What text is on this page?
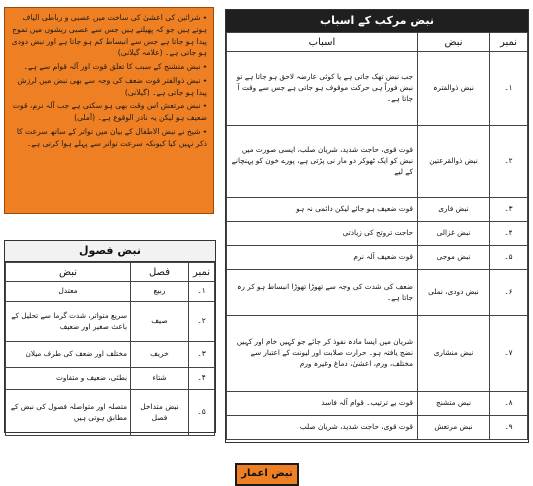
٭ شرائین کی اعشیٰ کی ساخت میں عصبی و رباطی الیاف ہوتے ہیں جو کہ پھیلتے ہیں جس سے عصبی ریشوں میں تموج پیدا ہو جاتا ہے جس سے انبساط کم ہو جاتا ہے اور نبض دودی ہو جاتی ہے۔ (علامہ گیلانی)

٭ نبض متشنج کے سبب کا تعلق قوت اور آلہ قوام سے ہے۔

٭ نبض ذوالفتر قوت ضعف کی وجہ سے بھی نبض میں لرزش پیدا ہو جاتی ہے۔ (گیلانی)

٭ نبض مرتعش اس وقت بھی ہو سکتی ہے جب آلہ نرم، قوت ضعیف ہو لیکن یہ نادر الوقوع ہے۔ (آملی)

٭ شیخ نے نبض الاطفال کے بیان میں تواتر کے ساتھ سرعت کا ذکر نہیں کیا کیونکہ سرعت تواتر سے پہلے ہوا کرتی ہے۔

نبض مرکب کے اسباب
نمبر	نبض	اسباب
۱۔	نبض ذوالفترہ	جب نبض تھک جاتی ہے یا کوئی عارضہ لاحق ہو جاتا ہے تو نبض فوراً ہی حرکت موقوف ہو جاتی ہے جس سے وقت آ جاتا ہے۔
۲۔	نبض ذوالقرعتین	قوت قوی، حاجت شدید، شریان صلب، ایسی صورت میں نبض کو ایک ٹھوکر دو مار نی پڑتی ہے، پورے خون کو پہنچانے کے لیے
۳۔	نبض فاری	قوت ضعیف ہو جائے لیکن دائمی نہ ہو
۴۔	نبض غزالی	حاجت تروتح کی زیادتی
۵۔	نبض موجی	قوت ضعیف آلہ نرم
۶۔	نبض دودی، نملی	ضعف کی شدت کی وجہ سے تھوڑا تھوڑا انبساط ہو کر رہ جاتا ہے۔
۷۔	نبض منشاری	شریان میں ایسا مادہ نفوذ کر جائے جو کہیں خام اور کہیں نضج یافتہ ہو۔ حرارت صلابت اور لیونت کے اعتبار سے مختلف، ورم، اعشیٰ، دماغ وغیرہ ورم
۸۔	نبض متشنج	قوت بے ترتیب۔ قوام آلہ فاسد
۹۔	نبض مرتعش	قوت قوی، حاجت شدید، شریان صلب
نبض فصول
نمبر	فصل	نبض
۱۔	ربیع	معتدل
۲۔	صیف	سریع متواتر، شدت گرما سے تحلیل کے باعث صغیر اور ضعیف
۳۔	خریف	مختلف اور ضعف کی طرف میلان
۴۔	شتاء	بطئی، ضعیف و متفاوت
۵۔	نبض متداخل فصل	متصلہ اور متواصلہ فصول کی نبض کے مطابق ہوتی ہیں
نبض اعمار
